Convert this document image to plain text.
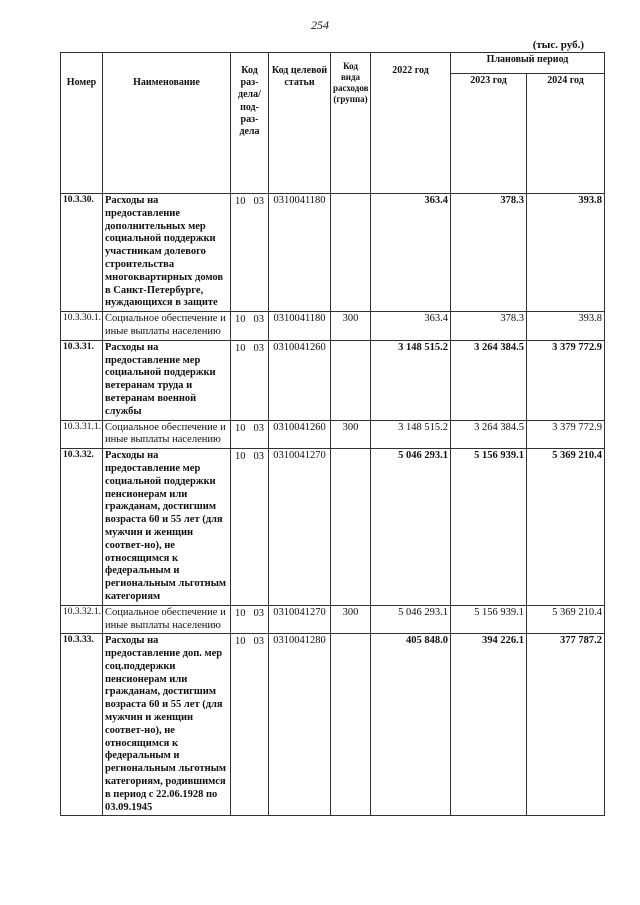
254
(тыс. руб.)
Номер	Наименование	Код раз-дела/ под-раз-дела	Код целевой статьи	Код вида расходов (группа)	2022 год	Плановый период	
						2023 год	2024 год
10.3.30.	Расходы на предоставление дополнительных мер социальной поддержки участникам долевого строительства многоквартирных домов в Санкт-Петербурге, нуждающихся в защите	10 03	0310041180		363.4	378.3	393.8
10.3.30.1.	Социальное обеспечение и иные выплаты населению	10 03	0310041180	300	363.4	378.3	393.8
10.3.31.	Расходы на предоставление мер социальной поддержки ветеранам труда и ветеранам военной службы	10 03	0310041260		3 148 515.2	3 264 384.5	3 379 772.9
10.3.31.1.	Социальное обеспечение и иные выплаты населению	10 03	0310041260	300	3 148 515.2	3 264 384.5	3 379 772.9
10.3.32.	Расходы на предоставление мер социальной поддержки пенсионерам или гражданам, достигшим возраста 60 и 55 лет (для мужчин и женщин соответ-но), не относящимся к федеральным и региональным льготным категориям	10 03	0310041270		5 046 293.1	5 156 939.1	5 369 210.4
10.3.32.1.	Социальное обеспечение и иные выплаты населению	10 03	0310041270	300	5 046 293.1	5 156 939.1	5 369 210.4
10.3.33.	Расходы на предоставление доп. мер соц.поддержки пенсионерам или гражданам, достигшим возраста 60 и 55 лет (для мужчин и женщин соответ-но), не относящимся к федеральным и региональным льготным категориям, родившимся в период с 22.06.1928 по 03.09.1945	10 03	0310041280		405 848.0	394 226.1	377 787.2
